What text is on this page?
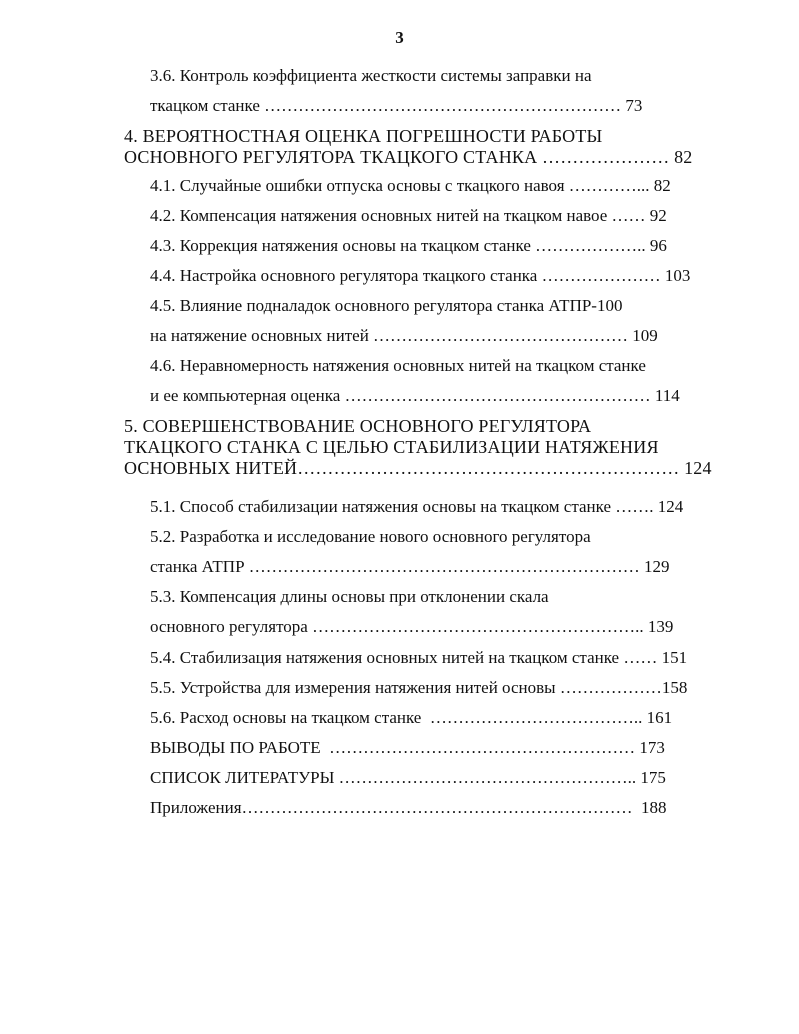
3
3.6. Контроль коэффициента жесткости системы заправки на
ткацком станке ……………………………………………………… 73
4. ВЕРОЯТНОСТНАЯ ОЦЕНКА ПОГРЕШНОСТИ РАБОТЫ
ОСНОВНОГО РЕГУЛЯТОРА ТКАЦКОГО СТАНКА ………………… 82
4.1. Случайные ошибки отпуска основы с ткацкого навоя …………... 82
4.2. Компенсация натяжения основных нитей на ткацком навое …… 92
4.3. Коррекция натяжения основы на ткацком станке ……………….. 96
4.4. Настройка основного регулятора ткацкого станка ………………… 103
4.5. Влияние подналадок основного регулятора станка АТПР-100
на натяжение основных нитей ……………………………………… 109
4.6. Неравномерность натяжения основных нитей на ткацком станке
и ее компьютерная оценка ……………………………………………… 114
5. СОВЕРШЕНСТВОВАНИЕ ОСНОВНОГО РЕГУЛЯТОРА
ТКАЦКОГО СТАНКА С ЦЕЛЬЮ СТАБИЛИЗАЦИИ НАТЯЖЕНИЯ
ОСНОВНЫХ НИТЕЙ……………………………………………………… 124
5.1. Способ стабилизации натяжения основы на ткацком станке ……. 124
5.2. Разработка и исследование нового основного регулятора
станка АТПР …………………………………………………………… 129
5.3. Компенсация длины основы при отклонении скала
основного регулятора ………………………………………………….. 139
5.4. Стабилизация натяжения основных нитей на ткацком станке …… 151
5.5. Устройства для измерения натяжения нитей основы ………………158
5.6. Расход основы на ткацком станке  ……………………………….. 161
ВЫВОДЫ ПО РАБОТЕ  ……………………………………………… 173
СПИСОК ЛИТЕРАТУРЫ …………………………………………….. 175
Приложения……………………………………………………………  188
